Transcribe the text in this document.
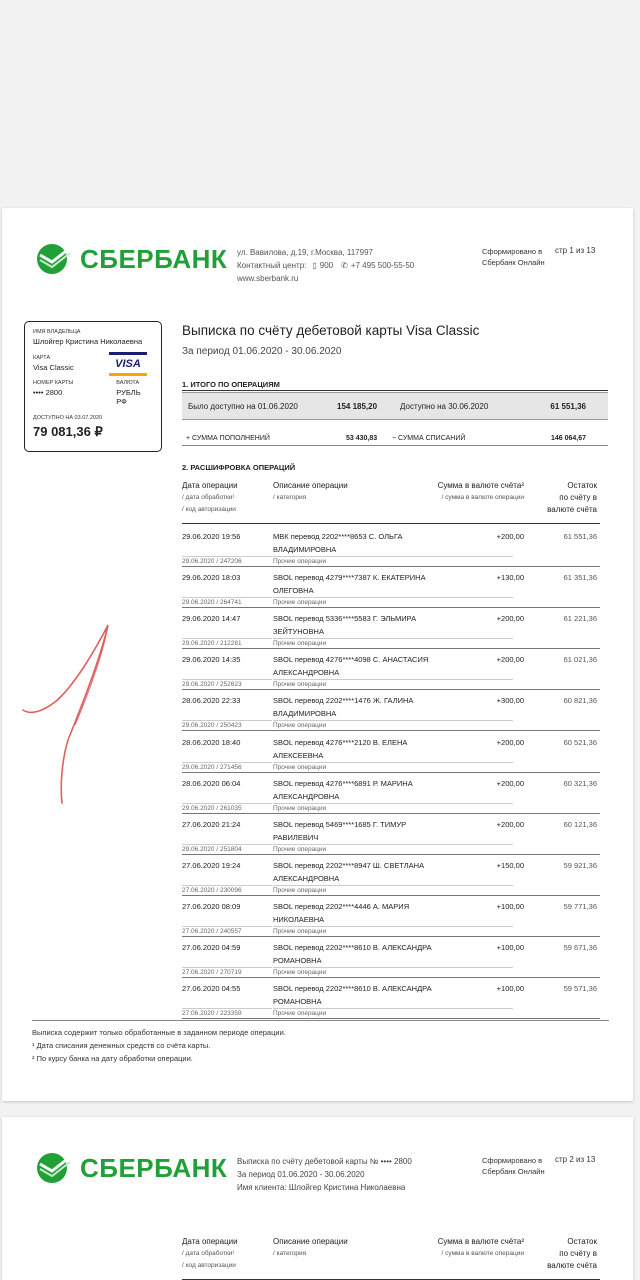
СБЕРБАНК ул. Вавилова, д.19, г.Москва, 117997
Контактный центр: ▯ 900 ✆ +7 495 500-55-50
www.sberbank.ru
Сформировано в
Сбербанк Онлайн
стр 1 из 13
ИМЯ ВЛАДЕЛЬЦА
Шлойгер Кристина Николаевна
КАРТА
Visa Classic	VISA
НОМЕР КАРТЫ
•••• 2800
ВАЛЮТА
РУБЛЬ РФ
ДОСТУПНО НА 03.07.2020
79 081,36 ₽
Выписка по счёту дебетовой карты Visa Classic
За период 01.06.2020 - 30.06.2020
1. ИТОГО ПО ОПЕРАЦИЯМ
Было доступно на 01.06.2020	154 185,20	Доступно на 30.06.2020	61 551,36
+ СУММА ПОПОЛНЕНИЙ	53 430,83 − СУММА СПИСАНИЙ	146 064,67
2. РАСШИФРОВКА ОПЕРАЦИЙ
Дата операции
/ дата обработки¹
/ код авторизации
Описание операции
/ категория
Сумма в валюте счёта²
/ сумма в валюте операции
Остаток
по счёту в
валюте счёта
29.06.2020 19:56
29.06.2020 / 247206
МВК перевод 2202****8653 С. ОЛЬГА ВЛАДИМИРОВНА
Прочие операции
+200,00	61 551,36
29.06.2020 18:03
29.06.2020 / 264741
SBOL перевод 4279****7387 К. ЕКАТЕРИНА ОЛЕГОВНА
Прочие операции
+130,00	61 351,36
29.06.2020 14:47
29.06.2020 / 212281
SBOL перевод 5336****5583 Г. ЭЛЬМИРА ЗЕЙТУНОВНА
Прочие операции
+200,00	61 221,36
29.06.2020 14:35
29.06.2020 / 252623
SBOL перевод 4276****4098 С. АНАСТАСИЯ АЛЕКСАНДРОВНА
Прочие операции
+200,00	61 021,36
28.06.2020 22:33
29.06.2020 / 250423
SBOL перевод 2202****1476 Ж. ГАЛИНА ВЛАДИМИРОВНА
Прочие операции
+300,00	60 821,36
28.06.2020 18:40
29.06.2020 / 271456
SBOL перевод 4276****2120 В. ЕЛЕНА АЛЕКСЕЕВНА
Прочие операции
+200,00	60 521,36
28.06.2020 06:04
29.06.2020 / 261035
SBOL перевод 4276****6891 Р. МАРИНА АЛЕКСАНДРОВНА
Прочие операции
+200,00	60 321,36
27.06.2020 21:24
29.06.2020 / 251804
SBOL перевод 5469****1685 Г. ТИМУР РАВИЛЕВИЧ
Прочие операции
+200,00	60 121,36
27.06.2020 19:24
27.06.2020 / 230096
SBOL перевод 2202****8947 Ш. СВЕТЛАНА АЛЕКСАНДРОВНА
Прочие операции
+150,00	59 921,36
27.06.2020 08:09
27.06.2020 / 240557
SBOL перевод 2202****4446 А. МАРИЯ НИКОЛАЕВНА
Прочие операции
+100,00	59 771,36
27.06.2020 04:59
27.06.2020 / 270719
SBOL перевод 2202****8610 В. АЛЕКСАНДРА РОМАНОВНА
Прочие операции
+100,00	59 671,36
27.06.2020 04:55
27.06.2020 / 223359
SBOL перевод 2202****8610 В. АЛЕКСАНДРА РОМАНОВНА
Прочие операции
+100,00	59 571,36
Выписка содержит только обработанные в заданном периоде операции.
¹ Дата списания денежных средств со счёта карты.
² По курсу банка на дату обработки операции.
СБЕРБАНК Выписка по счёту дебетовой карты № •••• 2800
За период 01.06.2020 - 30.06.2020
Имя клиента: Шлойгер Кристина Николаевна
Сформировано в
Сбербанк Онлайн
стр 2 из 13
Дата операции
/ дата обработки¹
/ код авторизации
Описание операции
/ категория
Сумма в валюте счёта²
/ сумма в валюте операции
Остаток
по счёту в
валюте счёта
